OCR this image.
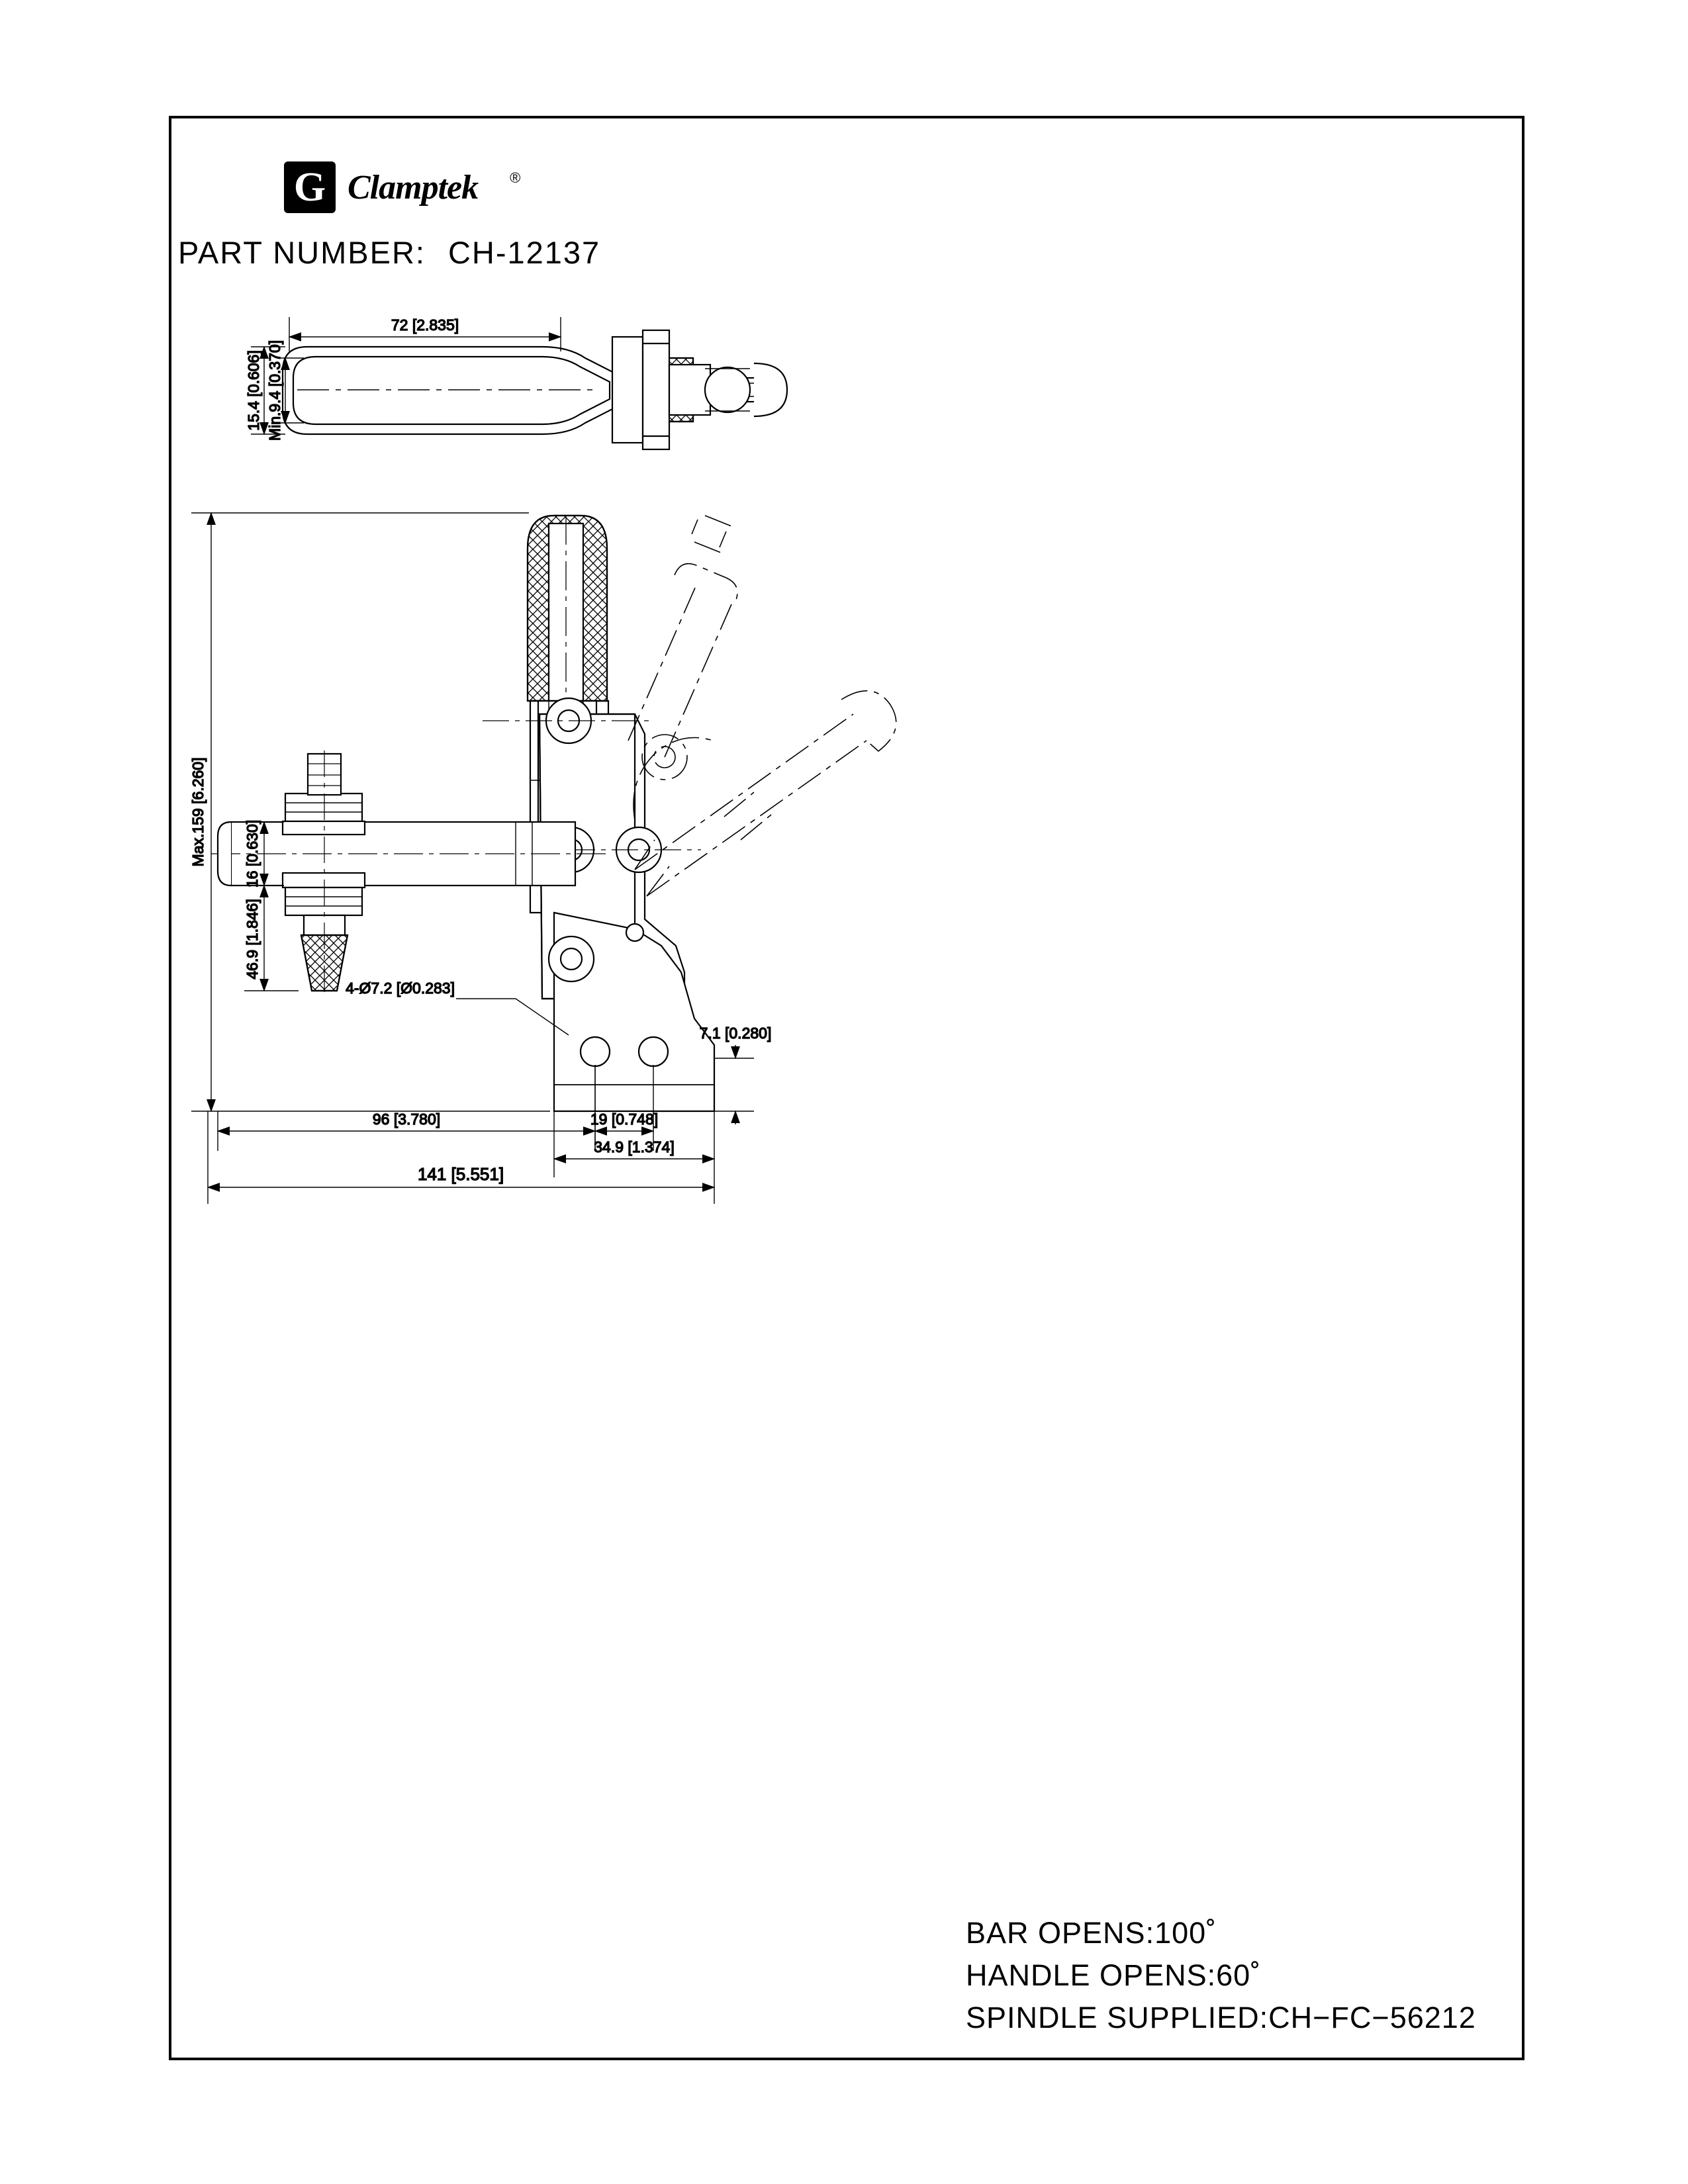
G Clamptek ®
PART NUMBER: CH-12137
72 [2.835]
15.4 [0.606] Min.9.4 [0.370]
Max.159 [6.260] 16 [0.630]
46.9 [1.846]
4-Ø7.2 [Ø0.283]
7.1 [0.280]
96 [3.780]	19 [0.748]
34.9 [1.374]
141 [5.551]
BAR OPENS:100˚
HANDLE OPENS:60˚
SPINDLE SUPPLIED:CH−FC−56212
